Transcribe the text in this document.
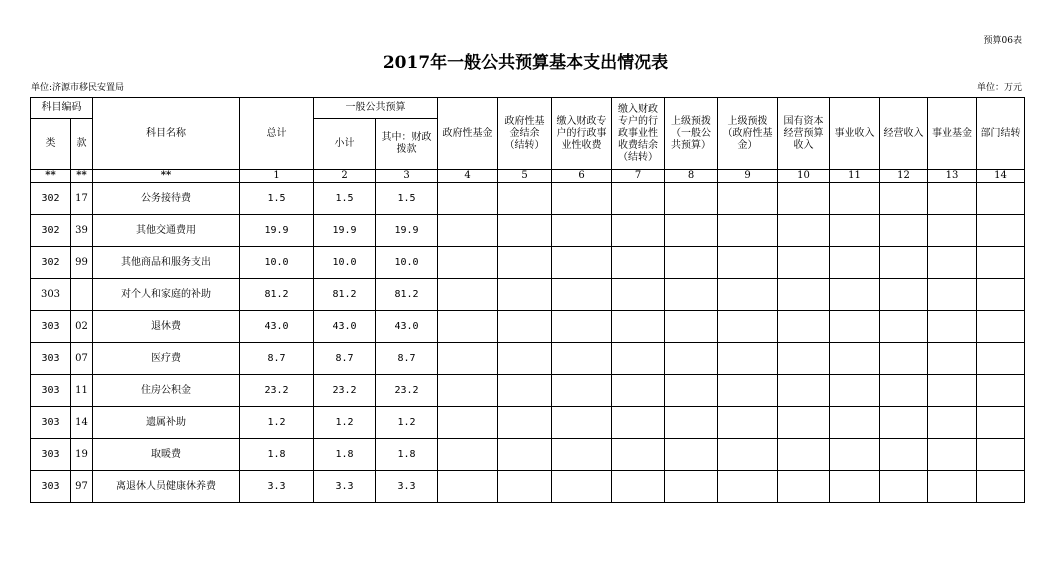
预算06表
2017年一般公共预算基本支出情况表
单位:济源市移民安置局	单位：万元
科目编码		科目名称	总计	一般公共预算		政府性基金	政府性基金结余（结转）	缴入财政专户的行政事业性收费	缴入财政专户的行政事业性收费结余（结转）	上级预拨（一般公共预算）	上级预拨（政府性基金）	国有资本经营预算收入	事业收入	经营收入	事业基金	部门结转
类	款			小计	其中：财政拨款											
**	**	**	1	2	3	4	5	6	7	8	9	10	11	12	13	14
302	17	公务接待费	1.5	1.5	1.5											
302	39	其他交通费用	19.9	19.9	19.9											
302	99	其他商品和服务支出	10.0	10.0	10.0											
303		对个人和家庭的补助	81.2	81.2	81.2											
303	02	退休费	43.0	43.0	43.0											
303	07	医疗费	8.7	8.7	8.7											
303	11	住房公积金	23.2	23.2	23.2											
303	14	遗属补助	1.2	1.2	1.2											
303	19	取暖费	1.8	1.8	1.8											
303	97	离退休人员健康休养费	3.3	3.3	3.3											
